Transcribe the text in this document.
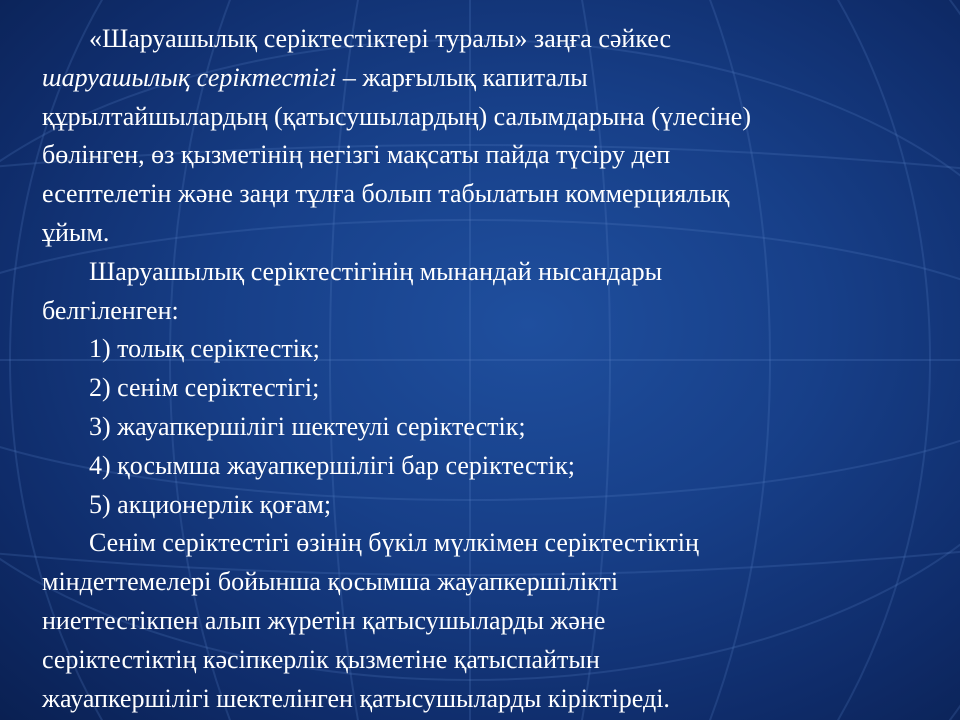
«Шаруашылық серіктестіктері туралы» заңға сәйкес
шаруашылық серіктестігі – жарғылық капиталы
құрылтайшылардың (қатысушылардың) салымдарына (үлесіне)
бөлінген, өз қызметінің негізгі мақсаты пайда түсіру деп
есептелетін және заңи тұлға болып табылатын коммерциялық
ұйым.
Шаруашылық серіктестігінің мынандай нысандары
белгіленген:
1) толық серіктестік;
2) сенім серіктестігі;
3) жауапкершілігі шектеулі серіктестік;
4) қосымша жауапкершілігі бар серіктестік;
5) акционерлік қоғам;
Сенім серіктестігі өзінің бүкіл мүлкімен серіктестіктің
міндеттемелері бойынша қосымша жауапкершілікті
ниеттестікпен алып жүретін қатысушыларды және
серіктестіктің кәсіпкерлік қызметіне қатыспайтын
жауапкершілігі шектелінген қатысушыларды кіріктіреді.
